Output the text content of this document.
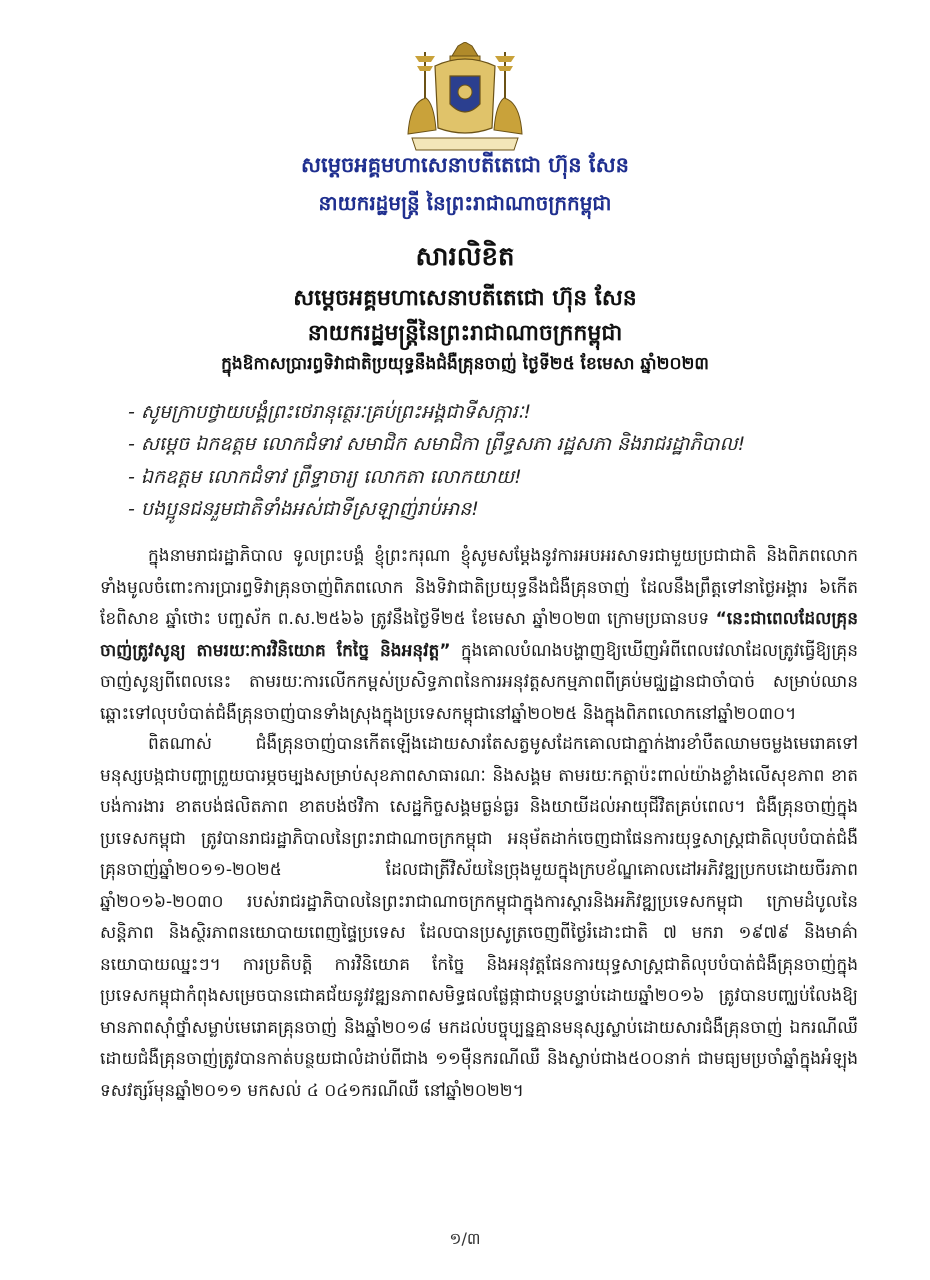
សម្តេចអគ្គមហាសេនាបតីតេជោ ហ៊ុន សែន
នាយករដ្ឋមន្ត្រី នៃព្រះរាជាណាចក្រកម្ពុជា
សារលិខិត
សម្តេចអគ្គមហាសេនាបតីតេជោ ហ៊ុន សែន
នាយករដ្ឋមន្ត្រីនៃព្រះរាជាណាចក្រកម្ពុជា
ក្នុងឱកាសប្រារព្ធទិវាជាតិប្រយុទ្ធនឹងជំងឺគ្រុនចាញ់ ថ្ងៃទី២៥ ខែមេសា ឆ្នាំ២០២៣
- សូមក្រាបថ្វាយបង្គំព្រះថេរានុត្ថេរៈគ្រប់ព្រះអង្គជាទីសក្ការៈ!
- សម្តេច ឯកឧត្តម លោកជំទាវ សមាជិក សមាជិកា ព្រឹទ្ធសភា រដ្ឋសភា និងរាជរដ្ឋាភិបាល!
- ឯកឧត្តម លោកជំទាវ ព្រឹទ្ធាចារ្យ លោកតា លោកយាយ!
- បងប្អូនជនរួមជាតិទាំងអស់ជាទីស្រឡាញ់រាប់អាន!
ក្នុងនាមរាជរដ្ឋាភិបាល ទូលព្រះបង្គំ ខ្ញុំព្រះករុណា ខ្ញុំសូមសម្តែងនូវការអបអរសាទរជាមួយប្រជាជាតិ និងពិភពលោកទាំងមូលចំពោះការប្រារព្ធទិវាគ្រុនចាញ់ពិភពលោក និងទិវាជាតិប្រយុទ្ធនឹងជំងឺគ្រុនចាញ់ ដែលនឹងព្រឹត្តទៅនាថ្ងៃអង្គារ ៦កើត ខែពិសាខ ឆ្នាំថោះ បញ្ចស័ក ព.ស.២៥៦៦ ត្រូវនឹងថ្ងៃទី២៥ ខែមេសា ឆ្នាំ២០២៣ ក្រោមប្រធានបទ “នេះជាពេលដែលគ្រុនចាញ់ត្រូវសូន្យ តាមរយៈការវិនិយោគ កែច្នៃ និងអនុវត្ត” ក្នុងគោលបំណងបង្ហាញឱ្យឃើញអំពីពេលវេលាដែលត្រូវធ្វើឱ្យគ្រុនចាញ់សូន្យពីពេលនេះ តាមរយៈការលើកកម្ពស់ប្រសិទ្ធភាពនៃការអនុវត្តសកម្មភាពពីគ្រប់មជ្ឈដ្ឋានជាចាំបាច់ សម្រាប់ឈានឆ្ពោះទៅលុបបំបាត់ជំងឺគ្រុនចាញ់បានទាំងស្រុងក្នុងប្រទេសកម្ពុជានៅឆ្នាំ២០២៥ និងក្នុងពិភពលោកនៅឆ្នាំ២០៣០។
ពិតណាស់ ជំងឺគ្រុនចាញ់បានកើតឡើងដោយសារតែសត្វមូសដែកគោលជាភ្នាក់ងារខាំបឺតឈាមចម្លងមេរោគទៅមនុស្សបង្កជាបញ្ហាព្រួយបារម្ភចម្បងសម្រាប់សុខភាពសាធារណៈ និងសង្គម តាមរយៈកត្តាប៉ះពាល់យ៉ាងខ្លាំងលើសុខភាព ខាតបង់ការងារ ខាតបង់ផលិតភាព ខាតបង់ថវិកា សេដ្ឋកិច្ចសង្គមធ្ងន់ធ្ងរ និងយាយីដល់អាយុជីវិតគ្រប់ពេល។ ជំងឺគ្រុនចាញ់ក្នុងប្រទេសកម្ពុជា ត្រូវបានរាជរដ្ឋាភិបាលនៃព្រះរាជាណាចក្រកម្ពុជា អនុម័តដាក់ចេញជាផែនការយុទ្ធសាស្ត្រជាតិលុបបំបាត់ជំងឺគ្រុនចាញ់ឆ្នាំ២០១១-២០២៥ ដែលជាត្រីវិស័យនៃច្រុងមួយក្នុងក្របខ័ណ្ឌគោលដៅអភិវឌ្ឍប្រកបដោយចីរភាពឆ្នាំ២០១៦-២០៣០ របស់រាជរដ្ឋាភិបាលនៃព្រះរាជាណាចក្រកម្ពុជាក្នុងការស្តារនិងអភិវឌ្ឍប្រទេសកម្ពុជា ក្រោមដំបូលនៃសន្តិភាព និងស្ថិរភាពនយោបាយពេញផ្ទៃប្រទេស ដែលបានប្រសូត្រចេញពីថ្ងៃរំដោះជាតិ ៧ មករា ១៩៧៩ និងមាគ៌ានយោបាយឈ្នះៗ។ ការប្រតិបត្តិ ការវិនិយោគ កែច្នៃ និងអនុវត្តផែនការយុទ្ធសាស្ត្រជាតិលុបបំបាត់ជំងឺគ្រុនចាញ់ក្នុងប្រទេសកម្ពុជាកំពុងសម្រេចបានជោគជ័យនូវវឌ្ឍនភាពសមិទ្ធផលផ្លែផ្កាជាបន្តបន្ទាប់ដោយឆ្នាំ២០១៦ ត្រូវបានបញ្ឈប់លែងឱ្យមានភាពស៊ាំថ្នាំសម្លាប់មេរោគគ្រុនចាញ់ និងឆ្នាំ២០១៨ មកដល់បច្ចុប្បន្នគ្មានមនុស្សស្លាប់ដោយសារជំងឺគ្រុនចាញ់ ឯករណីឈឺដោយជំងឺគ្រុនចាញ់ត្រូវបានកាត់បន្ថយជាលំដាប់ពីជាង ១១ម៉ឺនករណីឈឺ និងស្លាប់ជាង៥០០នាក់ ជាមធ្យមប្រចាំឆ្នាំក្នុងអំឡុងទសវត្សរ៍មុនឆ្នាំ២០១១ មកសល់ ៤ ០៤១ករណីឈឺ នៅឆ្នាំ២០២២។
១/៣
